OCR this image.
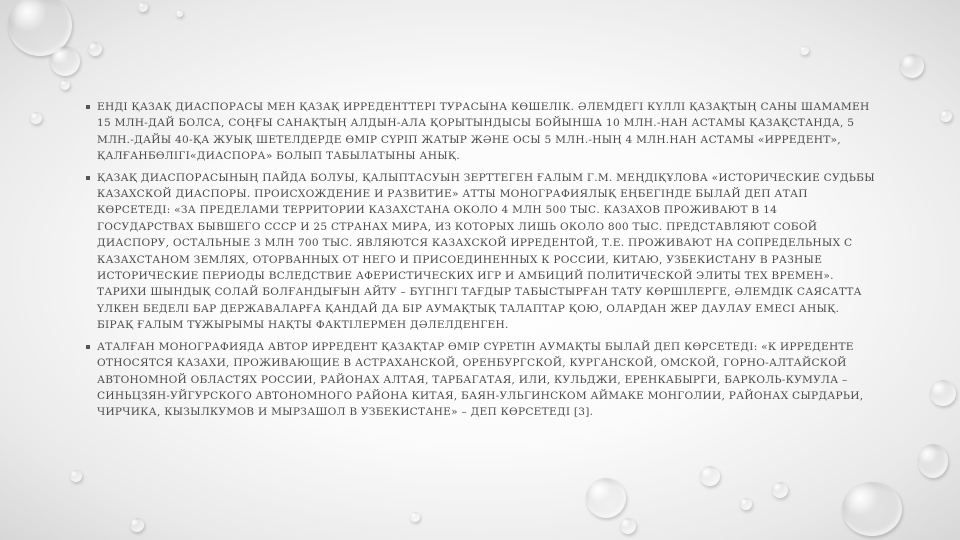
ЕНДІ ҚАЗАҚ ДИАСПОРАСЫ МЕН ҚАЗАҚ ИРРЕДЕНТТЕРІ ТУРАСЫНА КӨШЕЛІК. ӘЛЕМДЕГІ КҮЛЛІ ҚАЗАҚТЫҢ САНЫ ШАМАМЕН 15 МЛН-ДАЙ БОЛСА, СОҢҒЫ САНАҚТЫҢ АЛДЫН-АЛА ҚОРЫТЫНДЫСЫ БОЙЫНША 10 МЛН.-НАН АСТАМЫ ҚАЗАҚСТАНДА, 5 МЛН.-ДАЙЫ 40-ҚА ЖУЫҚ ШЕТЕЛДЕРДЕ ӨМІР СҮРІП ЖАТЫР ЖӘНЕ ОСЫ 5 МЛН.-НЫҢ 4 МЛН.НАН АСТАМЫ «ИРРЕДЕНТ», ҚАЛҒАНБӨЛІГІ«ДИАСПОРА» БОЛЫП ТАБЫЛАТЫНЫ АНЫҚ.
ҚАЗАҚ ДИАСПОРАСЫНЫҢ ПАЙДА БОЛУЫ, ҚАЛЫПТАСУЫН ЗЕРТТЕГЕН ҒАЛЫМ Г.М. МЕҢДІҚҰЛОВА «ИСТОРИЧЕСКИЕ СУДЬБЫ КАЗАХСКОЙ ДИАСПОРЫ. ПРОИСХОЖДЕНИЕ И РАЗВИТИЕ» АТТЫ МОНОГРАФИЯЛЫҚ ЕҢБЕГІНДЕ БЫЛАЙ ДЕП АТАП КӨРСЕТЕДІ: «ЗА ПРЕДЕЛАМИ ТЕРРИТОРИИ КАЗАХСТАНА ОКОЛО 4 МЛН 500 ТЫС. КАЗАХОВ ПРОЖИВАЮТ В 14 ГОСУДАРСТВАХ БЫВШЕГО СССР И 25 СТРАНАХ МИРА, ИЗ КОТОРЫХ ЛИШЬ ОКОЛО 800 ТЫС. ПРЕДСТАВЛЯЮТ СОБОЙ ДИАСПОРУ, ОСТАЛЬНЫЕ 3 МЛН 700 ТЫС. ЯВЛЯЮТСЯ КАЗАХСКОЙ ИРРЕДЕНТОЙ, Т.Е. ПРОЖИВАЮТ НА СОПРЕДЕЛЬНЫХ С КАЗАХСТАНОМ ЗЕМЛЯХ, ОТОРВАННЫХ ОТ НЕГО И ПРИСОЕДИНЕННЫХ К РОССИИ, КИТАЮ, УЗБЕКИСТАНУ В РАЗНЫЕ ИСТОРИЧЕСКИЕ ПЕРИОДЫ ВСЛЕДСТВИЕ АФЕРИСТИЧЕСКИХ ИГР И АМБИЦИЙ ПОЛИТИЧЕСКОЙ ЭЛИТЫ ТЕХ ВРЕМЕН». ТАРИХИ ШЫНДЫҚ СОЛАЙ БОЛҒАНДЫҒЫН АЙТУ – БҮГІНГІ ТАҒДЫР ТАБЫСТЫРҒАН ТАТУ КӨРШІЛЕРГЕ, ӘЛЕМДІК САЯСАТТА ҮЛКЕН БЕДЕЛІ БАР ДЕРЖАВАЛАРҒА ҚАНДАЙ ДА БІР АУМАҚТЫҚ ТАЛАПТАР ҚОЮ, ОЛАРДАН ЖЕР ДАУЛАУ ЕМЕСІ АНЫҚ. БІРАҚ ҒАЛЫМ ТҰЖЫРЫМЫ НАҚТЫ ФАКТІЛЕРМЕН ДӘЛЕЛДЕНГЕН.
АТАЛҒАН МОНОГРАФИЯДА АВТОР ИРРЕДЕНТ ҚАЗАҚТАР ӨМІР СҮРЕТІН АУМАҚТЫ БЫЛАЙ ДЕП КӨРСЕТЕДІ: «К ИРРЕДЕНТЕ ОТНОСЯТСЯ КАЗАХИ, ПРОЖИВАЮЩИЕ В АСТРАХАНСКОЙ, ОРЕНБУРГСКОЙ, КУРГАНСКОЙ, ОМСКОЙ, ГОРНО-АЛТАЙСКОЙ АВТОНОМНОЙ ОБЛАСТЯХ РОССИИ, РАЙОНАХ АЛТАЯ, ТАРБАГАТАЯ, ИЛИ, КУЛЬДЖИ, ЕРЕНКАБЫРГИ, БАРКОЛЬ-КУМУЛА – СИНЬЦЗЯН-УЙГУРСКОГО АВТОНОМНОГО РАЙОНА КИТАЯ, БАЯН-УЛЬГИНСКОМ АЙМАКЕ МОНГОЛИИ, РАЙОНАХ СЫРДАРЬИ, ЧИРЧИКА, КЫЗЫЛКУМОВ И МЫРЗАШОЛ В УЗБЕКИСТАНЕ» – ДЕП КӨРСЕТЕДІ [3].
